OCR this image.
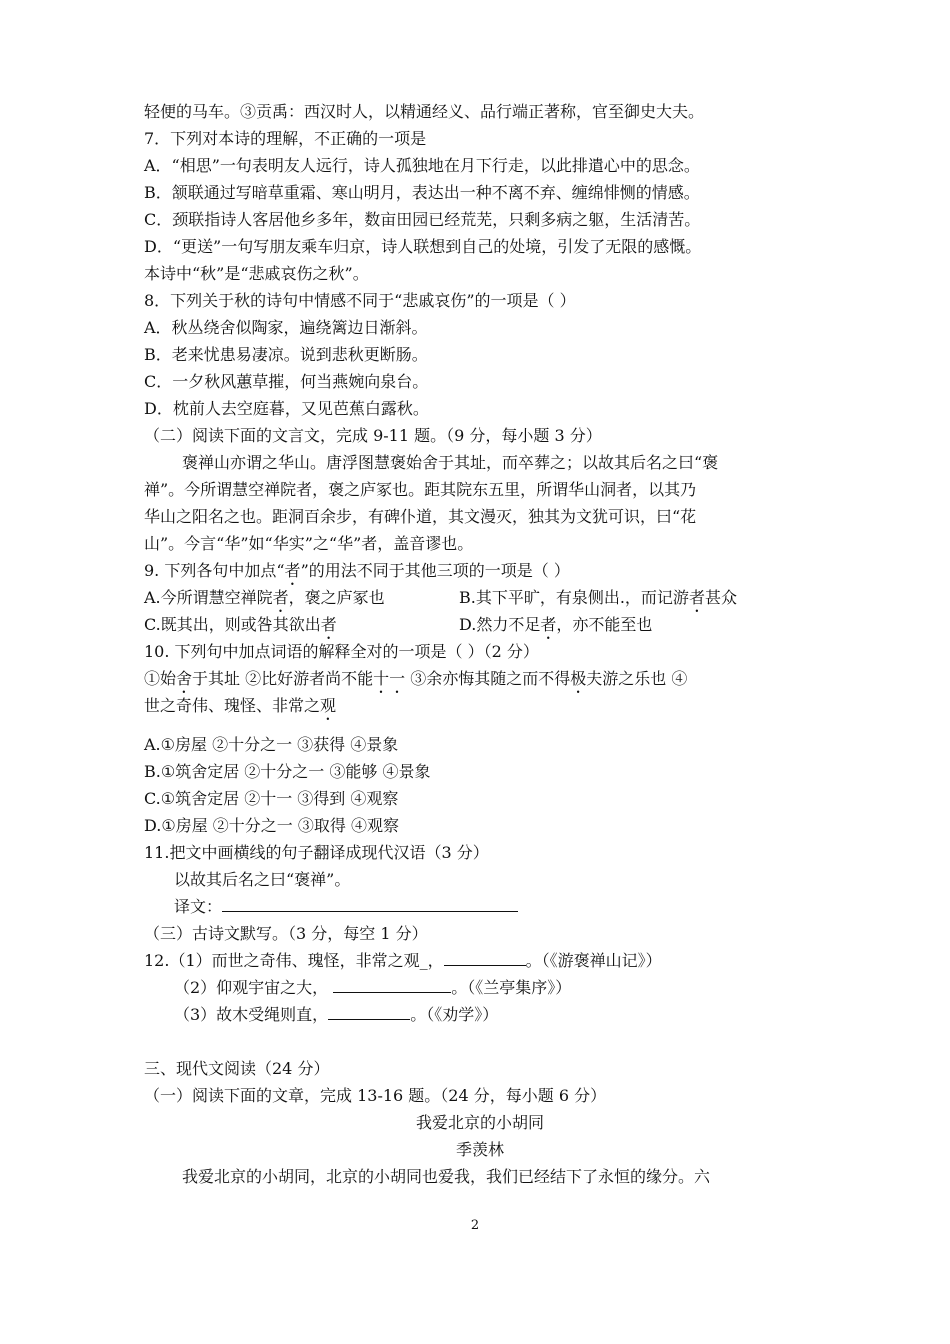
轻便的马车。③贡禹：西汉时人，以精通经义、品行端正著称，官至御史大夫。
7．下列对本诗的理解，不正确的一项是
A．“相思”一句表明友人远行，诗人孤独地在月下行走，以此排遣心中的思念。
B．颔联通过写暗草重霜、寒山明月，表达出一种不离不弃、缠绵悱恻的情感。
C．颈联指诗人客居他乡多年，数亩田园已经荒芜，只剩多病之躯，生活清苦。
D．“更送”一句写朋友乘车归京，诗人联想到自己的处境，引发了无限的感慨。
本诗中“秋”是“悲戚哀伤之秋”。
8．下列关于秋的诗句中情感不同于“悲戚哀伤”的一项是（ ）
A．秋丛绕舍似陶家，遍绕篱边日渐斜。
B．老来忧患易凄凉。说到悲秋更断肠。
C．一夕秋风蕙草摧，何当燕婉向泉台。
D．枕前人去空庭暮，又见芭蕉白露秋。
（二）阅读下面的文言文，完成 9-11 题。（9 分，每小题 3 分）
褒禅山亦谓之华山。唐浮图慧褒始舍于其址，而卒葬之；以故其后名之曰“褒
禅”。今所谓慧空禅院者，褒之庐冢也。距其院东五里，所谓华山洞者，以其乃
华山之阳名之也。距洞百余步，有碑仆道，其文漫灭，独其为文犹可识，曰“花
山”。今言“华”如“华实”之“华”者，盖音谬也。
9. 下列各句中加点“者”的用法不同于其他三项的一项是（ ）
A.今所谓慧空禅院者，褒之庐冢也	B.其下平旷，有泉侧出.，而记游者甚众
C.既其出，则或咎其欲出者	D.然力不足者，亦不能至也
10. 下列句中加点词语的解释全对的一项是（ ）（2 分）
①始舍于其址 ②比好游者尚不能十一 ③余亦悔其随之而不得极夫游之乐也 ④
世之奇伟、瑰怪、非常之观
A.①房屋 ②十分之一 ③获得 ④景象
B.①筑舍定居 ②十分之一 ③能够 ④景象
C.①筑舍定居 ②十一 ③得到 ④观察
D.①房屋 ②十分之一 ③取得 ④观察
11.把文中画横线的句子翻译成现代汉语（3 分）
以故其后名之曰“褒禅”。
译文：
（三）古诗文默写。（3 分，每空 1 分）
12.（1）而世之奇伟、瑰怪，非常之观_，	。（《游褒禅山记》）
（2）仰观宇宙之大，	。（《兰亭集序》）
（3）故木受绳则直，	。（《劝学》）
三、现代文阅读（24 分）
（一）阅读下面的文章，完成 13-16 题。（24 分，每小题 6 分）
我爱北京的小胡同
季羡林
我爱北京的小胡同，北京的小胡同也爱我，我们已经结下了永恒的缘分。六
2
